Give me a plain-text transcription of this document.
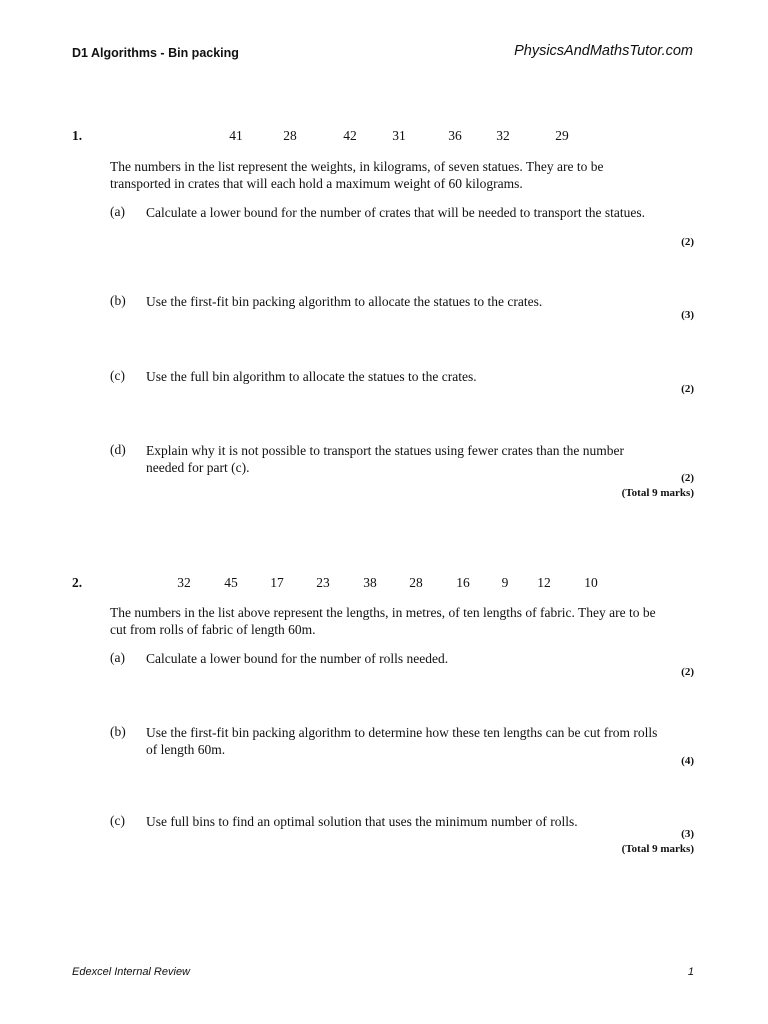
D1 Algorithms - Bin packing	PhysicsAndMathsTutor.com
1.	41	28	42	31	36	32	29
The numbers in the list represent the weights, in kilograms, of seven statues. They are to be transported in crates that will each hold a maximum weight of 60 kilograms.
(a) Calculate a lower bound for the number of crates that will be needed to transport the statues.
(2)
(b) Use the first-fit bin packing algorithm to allocate the statues to the crates.
(3)
(c) Use the full bin algorithm to allocate the statues to the crates.
(2)
(d) Explain why it is not possible to transport the statues using fewer crates than the number needed for part (c).
(2)
(Total 9 marks)
2.	32	45	17	23	38	28	16	9	12	10
The numbers in the list above represent the lengths, in metres, of ten lengths of fabric. They are to be cut from rolls of fabric of length 60m.
(a) Calculate a lower bound for the number of rolls needed.
(2)
(b) Use the first-fit bin packing algorithm to determine how these ten lengths can be cut from rolls of length 60m.
(4)
(c) Use full bins to find an optimal solution that uses the minimum number of rolls.
(3)
(Total 9 marks)
Edexcel Internal Review	1
